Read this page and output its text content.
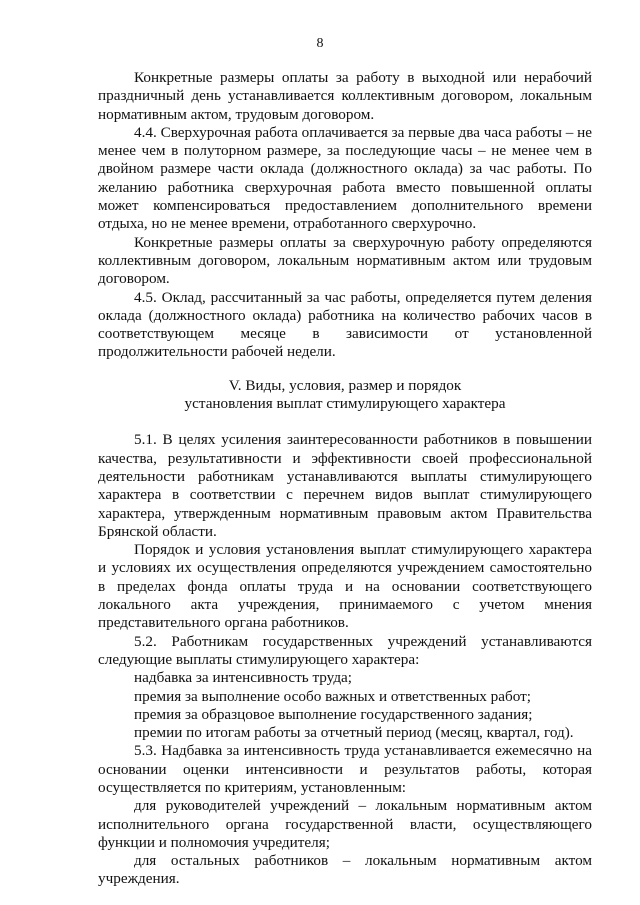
8

Конкретные размеры оплаты за работу в выходной или нерабочий праздничный день устанавливается коллективным договором, локальным нормативным актом, трудовым договором.

4.4. Сверхурочная работа оплачивается за первые два часа работы – не менее чем в полуторном размере, за последующие часы – не менее чем в двойном размере части оклада (должностного оклада) за час работы. По желанию работника сверхурочная работа вместо повышенной оплаты может компенсироваться предоставлением дополнительного времени отдыха, но не менее времени, отработанного сверхурочно.

Конкретные размеры оплаты за сверхурочную работу определяются коллективным договором, локальным нормативным актом или трудовым договором.

4.5. Оклад, рассчитанный за час работы, определяется путем деления оклада (должностного оклада) работника на количество рабочих часов в соответствующем месяце в зависимости от установленной продолжительности рабочей недели.

V. Виды, условия, размер и порядок
установления выплат стимулирующего характера

5.1. В целях усиления заинтересованности работников в повышении качества, результативности и эффективности своей профессиональной деятельности работникам устанавливаются выплаты стимулирующего характера в соответствии с перечнем видов выплат стимулирующего характера, утвержденным нормативным правовым актом Правительства Брянской области.

Порядок и условия установления выплат стимулирующего характера и условиях их осуществления определяются учреждением самостоятельно в пределах фонда оплаты труда и на основании соответствующего локального акта учреждения, принимаемого с учетом мнения представительного органа работников.

5.2. Работникам государственных учреждений устанавливаются следующие выплаты стимулирующего характера:

надбавка за интенсивность труда;

премия за выполнение особо важных и ответственных работ;

премия за образцовое выполнение государственного задания;

премии по итогам работы за отчетный период (месяц, квартал, год).

5.3. Надбавка за интенсивность труда устанавливается ежемесячно на основании оценки интенсивности и результатов работы, которая осуществляется по критериям, установленным:

для руководителей учреждений – локальным нормативным актом исполнительного органа государственной власти, осуществляющего функции и полномочия учредителя;

для остальных работников – локальным нормативным актом учреждения.
